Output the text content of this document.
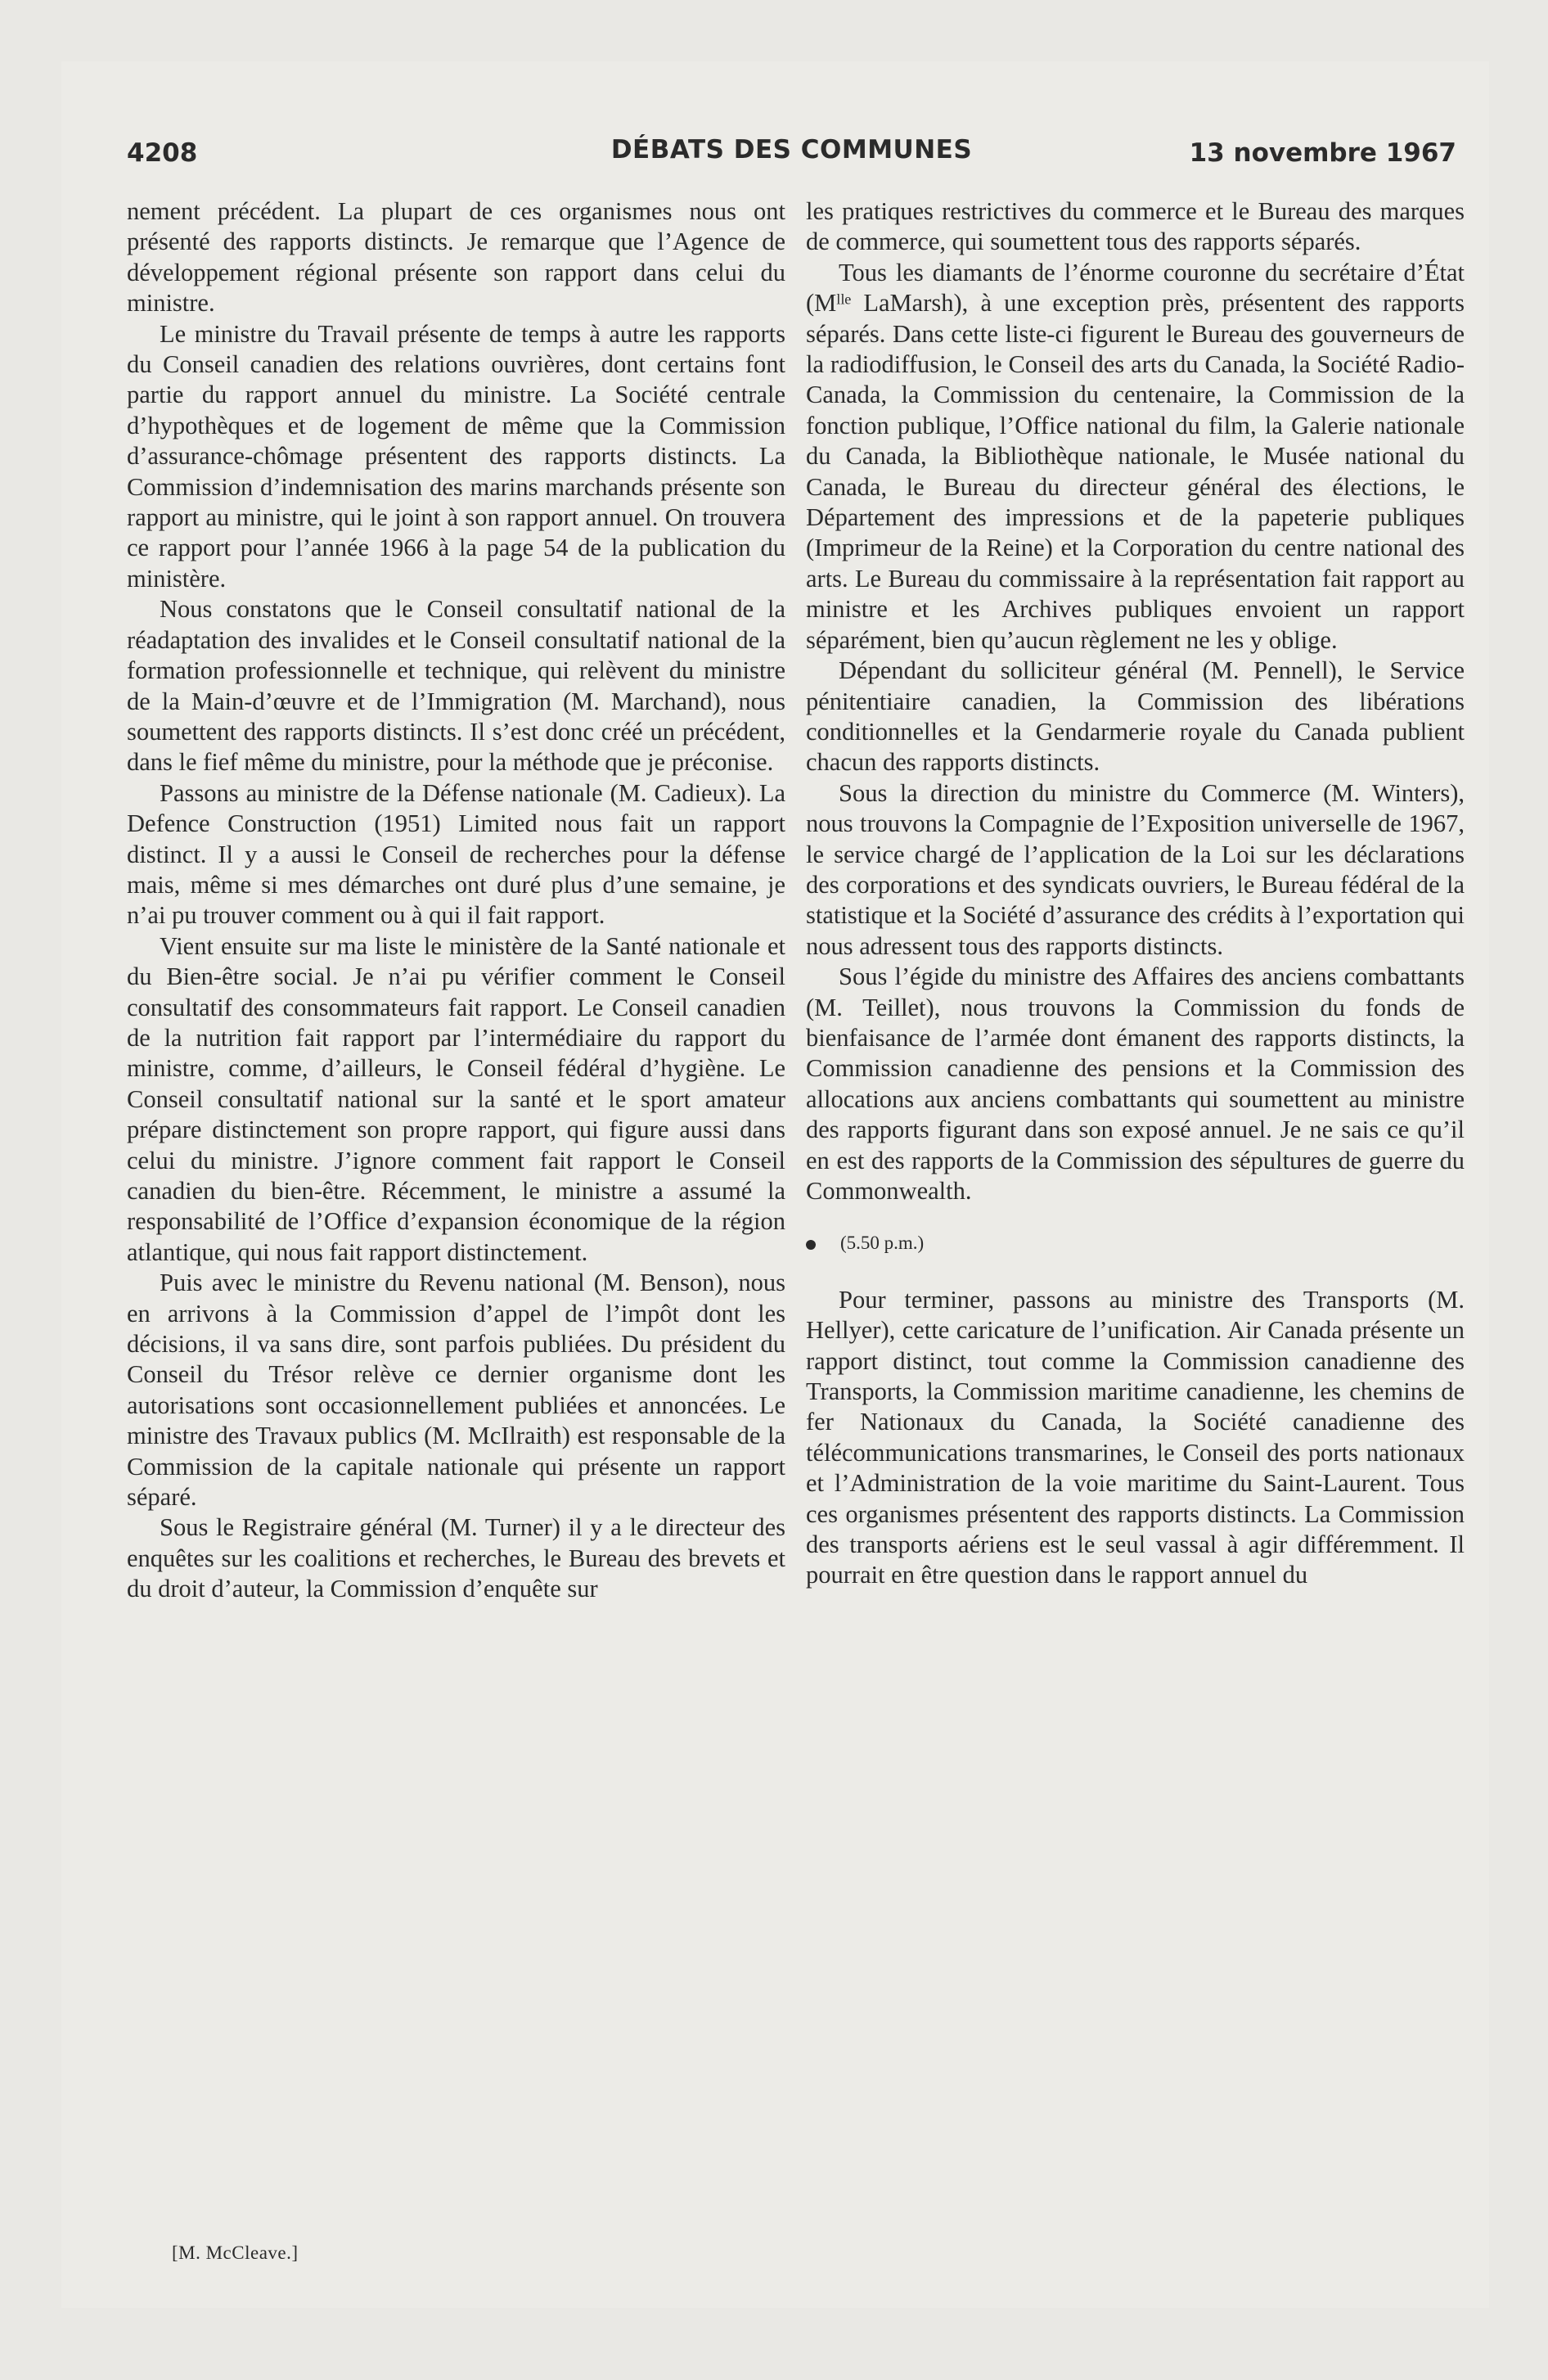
4208	DÉBATS DES COMMUNES	13 novembre 1967

nement précédent. La plupart de ces organismes nous ont présenté des rapports distincts. Je remarque que l’Agence de développement régional présente son rapport dans celui du ministre.

Le ministre du Travail présente de temps à autre les rapports du Conseil canadien des relations ouvrières, dont certains font partie du rapport annuel du ministre. La Société centrale d’hypothèques et de logement de même que la Commission d’assurance-chômage présentent des rapports distincts. La Commission d’indemnisation des marins marchands présente son rapport au ministre, qui le joint à son rapport annuel. On trouvera ce rapport pour l’année 1966 à la page 54 de la publication du ministère.

Nous constatons que le Conseil consultatif national de la réadaptation des invalides et le Conseil consultatif national de la formation professionnelle et technique, qui relèvent du ministre de la Main-d’œuvre et de l’Immigration (M. Marchand), nous soumettent des rapports distincts. Il s’est donc créé un précédent, dans le fief même du ministre, pour la méthode que je préconise.

Passons au ministre de la Défense nationale (M. Cadieux). La Defence Construction (1951) Limited nous fait un rapport distinct. Il y a aussi le Conseil de recherches pour la défense mais, même si mes démarches ont duré plus d’une semaine, je n’ai pu trouver comment ou à qui il fait rapport.

Vient ensuite sur ma liste le ministère de la Santé nationale et du Bien-être social. Je n’ai pu vérifier comment le Conseil consultatif des consommateurs fait rapport. Le Conseil canadien de la nutrition fait rapport par l’intermédiaire du rapport du ministre, comme, d’ailleurs, le Conseil fédéral d’hygiène. Le Conseil consultatif national sur la santé et le sport amateur prépare distinctement son propre rapport, qui figure aussi dans celui du ministre. J’ignore comment fait rapport le Conseil canadien du bien-être. Récemment, le ministre a assumé la responsabilité de l’Office d’expansion économique de la région atlantique, qui nous fait rapport distinctement.

Puis avec le ministre du Revenu national (M. Benson), nous en arrivons à la Commission d’appel de l’impôt dont les décisions, il va sans dire, sont parfois publiées. Du président du Conseil du Trésor relève ce dernier organisme dont les autorisations sont occasionnellement publiées et annoncées. Le ministre des Travaux publics (M. McIlraith) est responsable de la Commission de la capitale nationale qui présente un rapport séparé.

Sous le Registraire général (M. Turner) il y a le directeur des enquêtes sur les coalitions et recherches, le Bureau des brevets et du droit d’auteur, la Commission d’enquête sur

[M. McCleave.]

les pratiques restrictives du commerce et le Bureau des marques de commerce, qui soumettent tous des rapports séparés.

Tous les diamants de l’énorme couronne du secrétaire d’État (Mˡˡᵉ LaMarsh), à une exception près, présentent des rapports séparés. Dans cette liste-ci figurent le Bureau des gouverneurs de la radiodiffusion, le Conseil des arts du Canada, la Société Radio-Canada, la Commission du centenaire, la Commission de la fonction publique, l’Office national du film, la Galerie nationale du Canada, la Bibliothèque nationale, le Musée national du Canada, le Bureau du directeur général des élections, le Département des impressions et de la papeterie publiques (Imprimeur de la Reine) et la Corporation du centre national des arts. Le Bureau du commissaire à la représentation fait rapport au ministre et les Archives publiques envoient un rapport séparément, bien qu’aucun règlement ne les y oblige.

Dépendant du solliciteur général (M. Pennell), le Service pénitentiaire canadien, la Commission des libérations conditionnelles et la Gendarmerie royale du Canada publient chacun des rapports distincts.

Sous la direction du ministre du Commerce (M. Winters), nous trouvons la Compagnie de l’Exposition universelle de 1967, le service chargé de l’application de la Loi sur les déclarations des corporations et des syndicats ouvriers, le Bureau fédéral de la statistique et la Société d’assurance des crédits à l’exportation qui nous adressent tous des rapports distincts.

Sous l’égide du ministre des Affaires des anciens combattants (M. Teillet), nous trouvons la Commission du fonds de bienfaisance de l’armée dont émanent des rapports distincts, la Commission canadienne des pensions et la Commission des allocations aux anciens combattants qui soumettent au ministre des rapports figurant dans son exposé annuel. Je ne sais ce qu’il en est des rapports de la Commission des sépultures de guerre du Commonwealth.

(5.50 p.m.)

Pour terminer, passons au ministre des Transports (M. Hellyer), cette caricature de l’unification. Air Canada présente un rapport distinct, tout comme la Commission canadienne des Transports, la Commission maritime canadienne, les chemins de fer Nationaux du Canada, la Société canadienne des télécommunications transmarines, le Conseil des ports nationaux et l’Administration de la voie maritime du Saint-Laurent. Tous ces organismes présentent des rapports distincts. La Commission des transports aériens est le seul vassal à agir différemment. Il pourrait en être question dans le rapport annuel du
